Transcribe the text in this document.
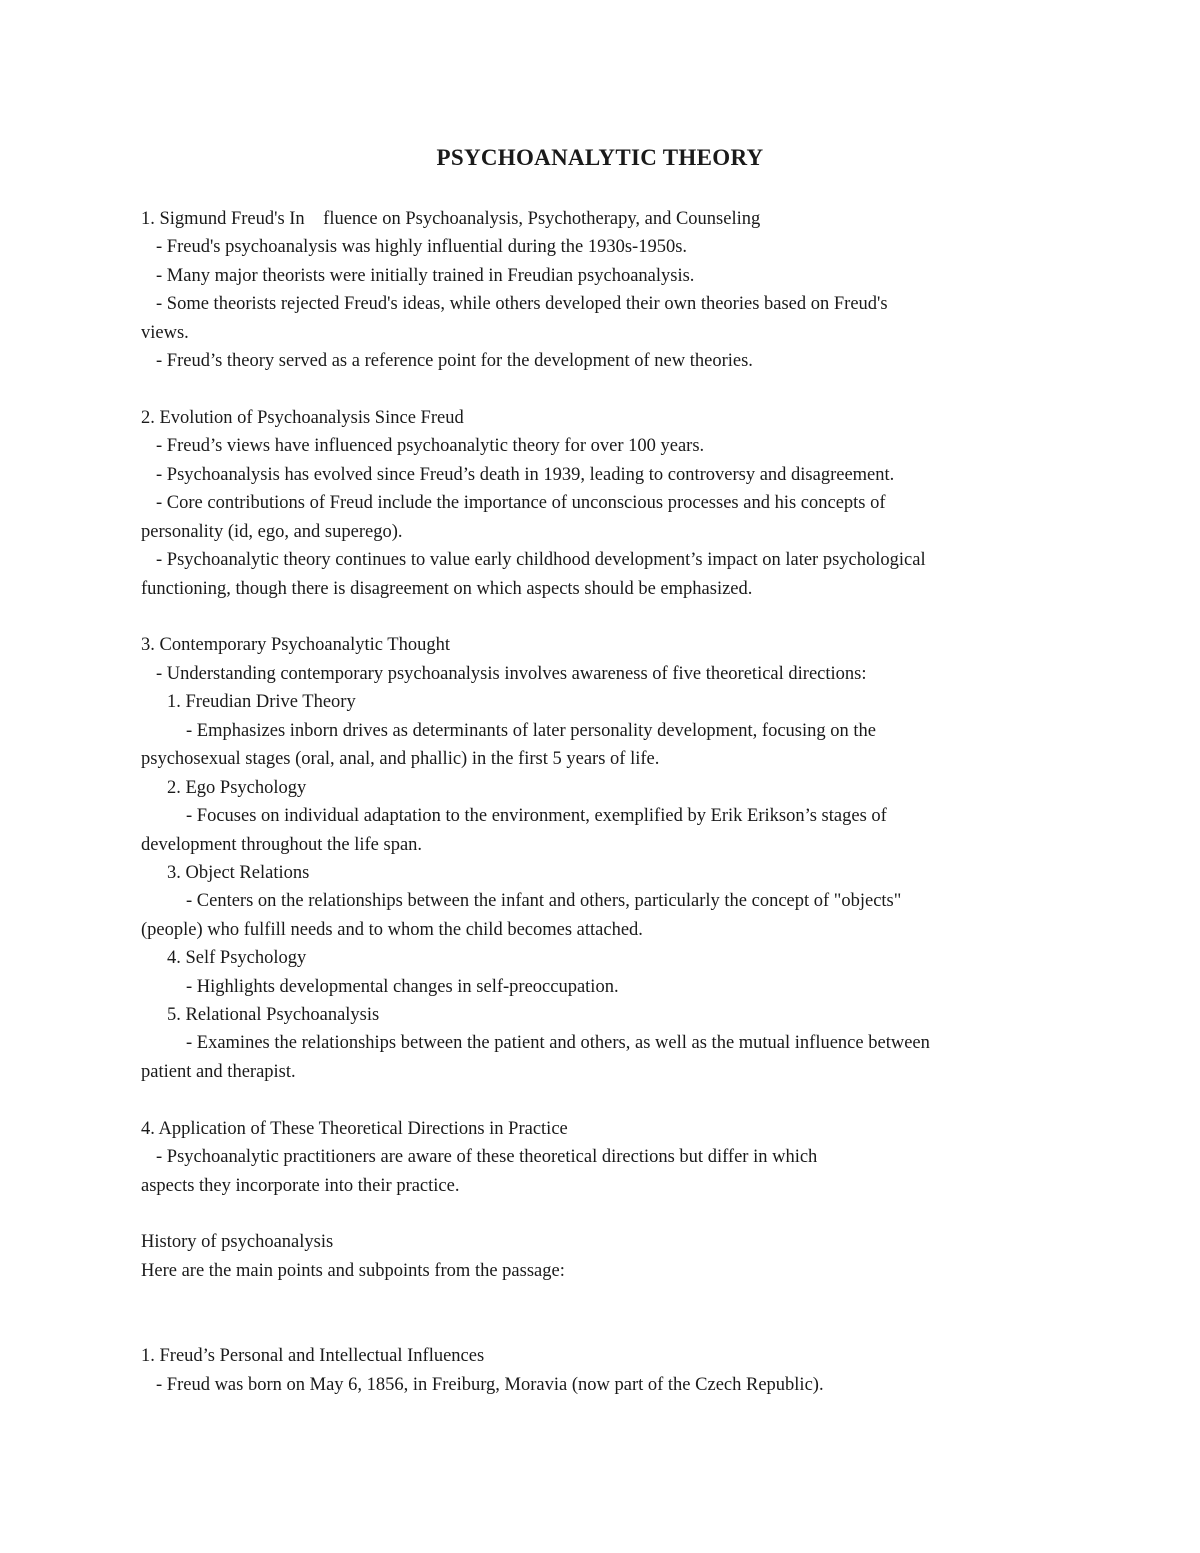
PSYCHOANALYTIC THEORY
1. Sigmund Freud's In    fluence on Psychoanalysis, Psychotherapy, and Counseling
- Freud's psychoanalysis was highly influential during the 1930s-1950s.
- Many major theorists were initially trained in Freudian psychoanalysis.
- Some theorists rejected Freud's ideas, while others developed their own theories based on Freud's
views.
- Freud’s theory served as a reference point for the development of new theories.
2. Evolution of Psychoanalysis Since Freud
- Freud’s views have influenced psychoanalytic theory for over 100 years.
- Psychoanalysis has evolved since Freud’s death in 1939, leading to controversy and disagreement.
- Core contributions of Freud include the importance of unconscious processes and his concepts of
personality (id, ego, and superego).
- Psychoanalytic theory continues to value early childhood development’s impact on later psychological
functioning, though there is disagreement on which aspects should be emphasized.
3. Contemporary Psychoanalytic Thought
- Understanding contemporary psychoanalysis involves awareness of five theoretical directions:
1. Freudian Drive Theory
- Emphasizes inborn drives as determinants of later personality development, focusing on the
psychosexual stages (oral, anal, and phallic) in the first 5 years of life.
2. Ego Psychology
- Focuses on individual adaptation to the environment, exemplified by Erik Erikson’s stages of
development throughout the life span.
3. Object Relations
- Centers on the relationships between the infant and others, particularly the concept of "objects"
(people) who fulfill needs and to whom the child becomes attached.
4. Self Psychology
- Highlights developmental changes in self-preoccupation.
5. Relational Psychoanalysis
- Examines the relationships between the patient and others, as well as the mutual influence between
patient and therapist.
4. Application of These Theoretical Directions in Practice
- Psychoanalytic practitioners are aware of these theoretical directions but differ in which
aspects they incorporate into their practice.
History of psychoanalysis
Here are the main points and subpoints from the passage:
1. Freud’s Personal and Intellectual Influences
- Freud was born on May 6, 1856, in Freiburg, Moravia (now part of the Czech Republic).
